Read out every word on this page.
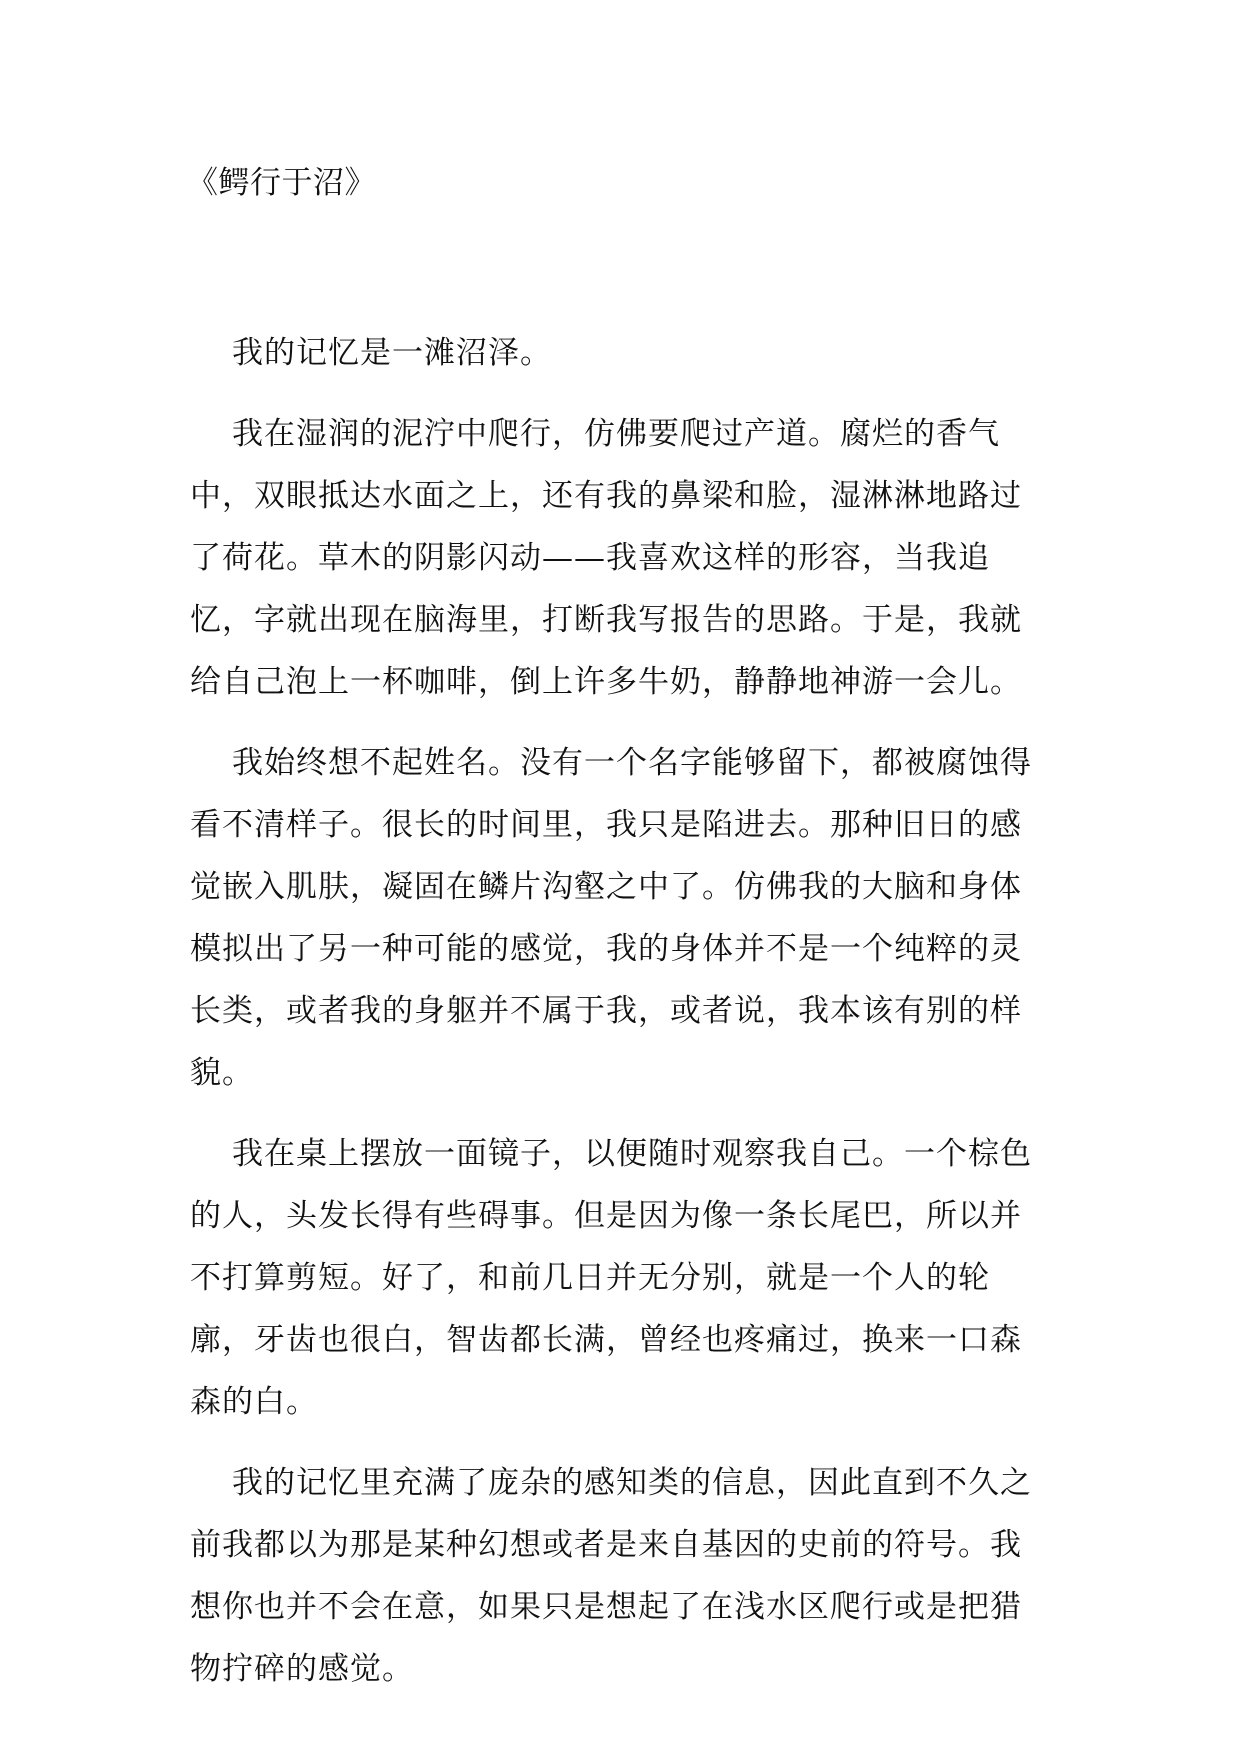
《鳄行于沼》

我的记忆是一滩沼泽。

我在湿润的泥泞中爬行，仿佛要爬过产道。腐烂的香气中，双眼抵达水面之上，还有我的鼻梁和脸，湿淋淋地路过了荷花。草木的阴影闪动——我喜欢这样的形容，当我追忆，字就出现在脑海里，打断我写报告的思路。于是，我就给自己泡上一杯咖啡，倒上许多牛奶，静静地神游一会儿。

我始终想不起姓名。没有一个名字能够留下，都被腐蚀得看不清样子。很长的时间里，我只是陷进去。那种旧日的感觉嵌入肌肤，凝固在鳞片沟壑之中了。仿佛我的大脑和身体模拟出了另一种可能的感觉，我的身体并不是一个纯粹的灵长类，或者我的身躯并不属于我，或者说，我本该有别的样貌。

我在桌上摆放一面镜子，以便随时观察我自己。一个棕色的人，头发长得有些碍事。但是因为像一条长尾巴，所以并不打算剪短。好了，和前几日并无分别，就是一个人的轮廓，牙齿也很白，智齿都长满，曾经也疼痛过，换来一口森森的白。

我的记忆里充满了庞杂的感知类的信息，因此直到不久之前我都以为那是某种幻想或者是来自基因的史前的符号。我想你也并不会在意，如果只是想起了在浅水区爬行或是把猎物拧碎的感觉。
